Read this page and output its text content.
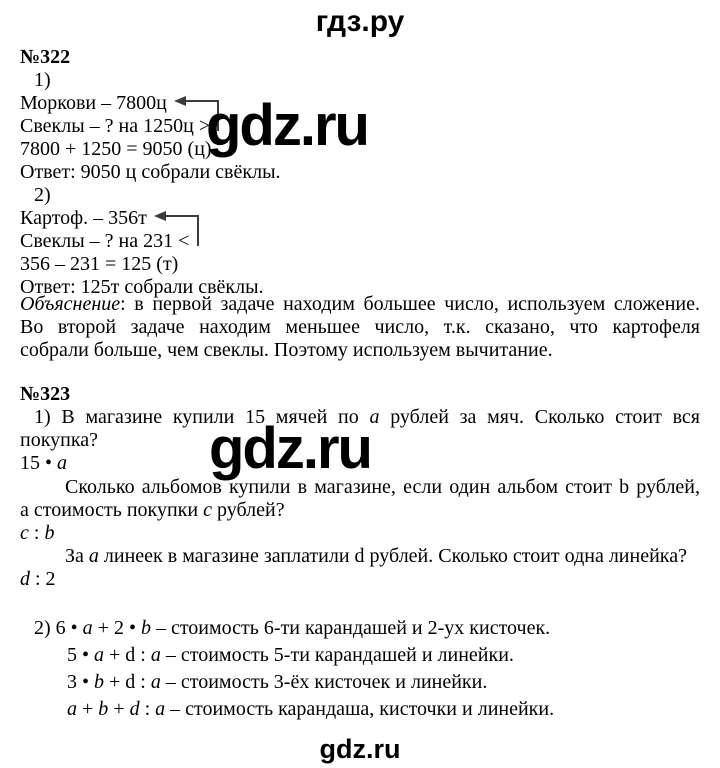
гдз.ру
№322
1)
Моркови – 7800ц
Свеклы – ? на 1250ц >
7800 + 1250 = 9050 (ц)
Ответ: 9050 ц собрали свёклы.
2)
Картоф. – 356т
Свеклы – ? на 231 <
356 – 231 = 125 (т)
Ответ: 125т собрали свёклы.
Объяснение: в первой задаче находим большее число, используем сложение.
Во второй задаче находим меньшее число, т.к. сказано, что картофеля
собрали больше, чем свеклы. Поэтому используем вычитание.
№323
1) В магазине купили 15 мячей по a рублей за мяч. Сколько стоит вся
покупка?
15 • a
Сколько альбомов купили в магазине, если один альбом стоит b рублей,
а стоимость покупки c рублей?
c : b
За a линеек в магазине заплатили d рублей. Сколько стоит одна линейка?
d : 2
2) 6 • a + 2 • b – стоимость 6-ти карандашей и 2-ух кисточек.
5 • a + d : a – стоимость 5-ти карандашей и линейки.
3 • b + d : a – стоимость 3-ёх кисточек и линейки.
a + b + d : a – стоимость карандаша, кисточки и линейки.
gdz.ru
gdz.ru
gdz.ru
